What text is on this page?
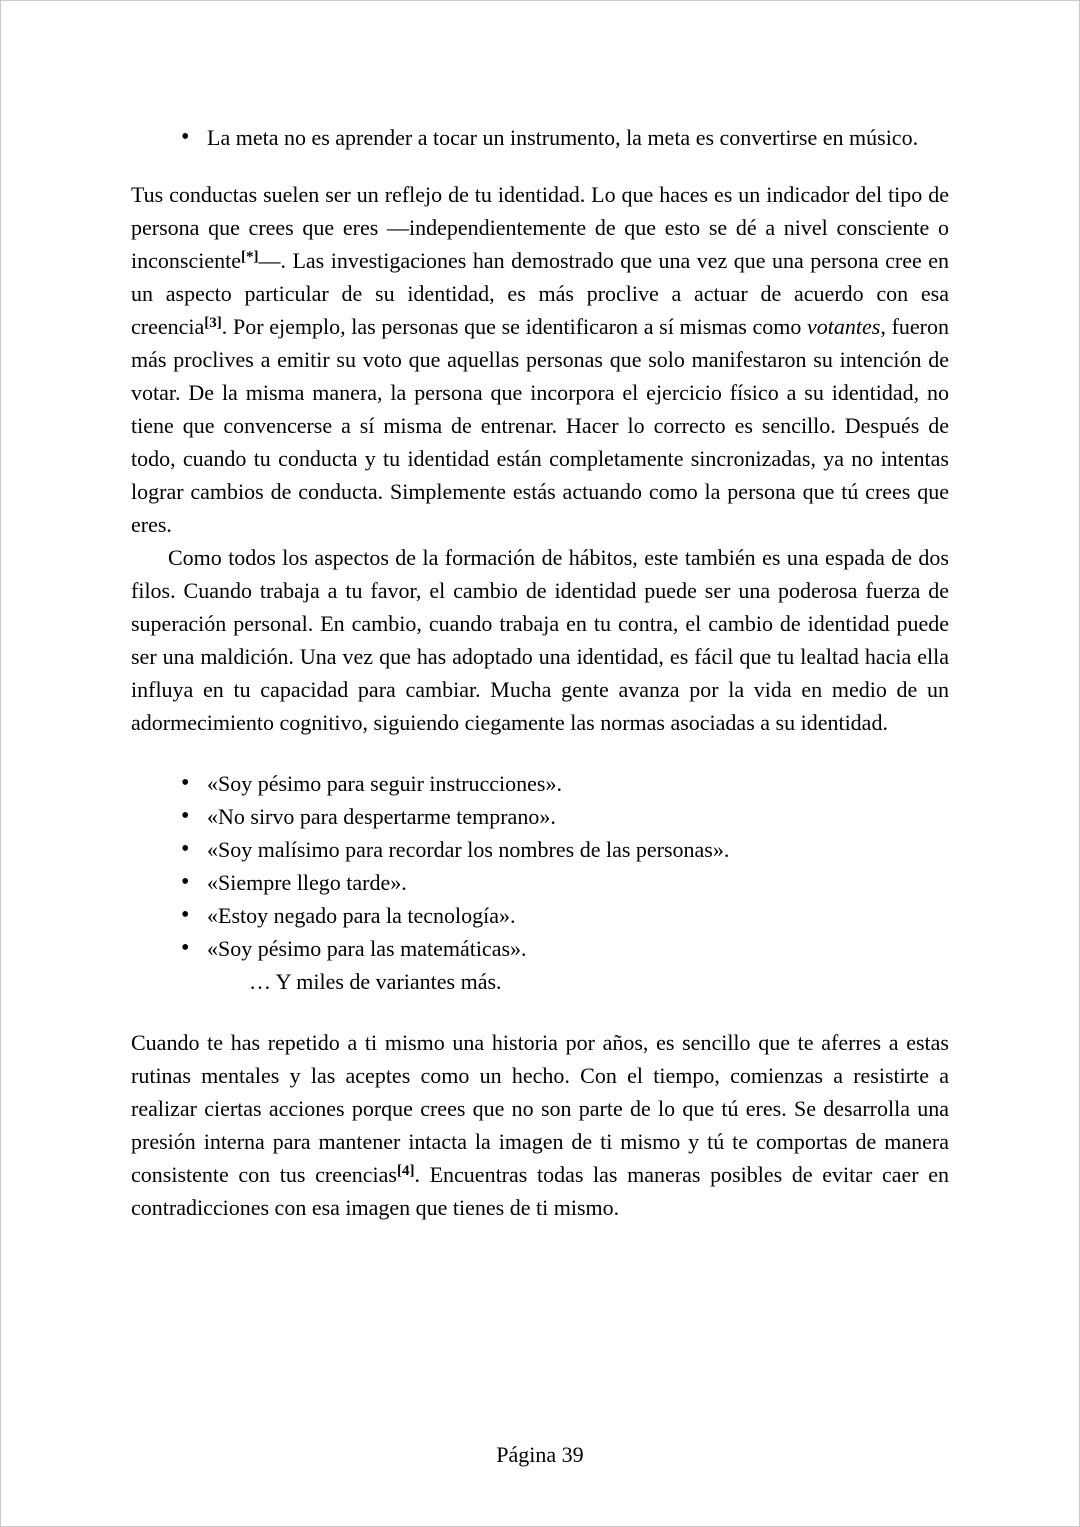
• La meta no es aprender a tocar un instrumento, la meta es convertirse en músico.

Tus conductas suelen ser un reflejo de tu identidad. Lo que haces es un indicador del tipo de persona que crees que eres —independientemente de que esto se dé a nivel consciente o inconsciente[*]—. Las investigaciones han demostrado que una vez que una persona cree en un aspecto particular de su identidad, es más proclive a actuar de acuerdo con esa creencia[3]. Por ejemplo, las personas que se identificaron a sí mismas como votantes, fueron más proclives a emitir su voto que aquellas personas que solo manifestaron su intención de votar. De la misma manera, la persona que incorpora el ejercicio físico a su identidad, no tiene que convencerse a sí misma de entrenar. Hacer lo correcto es sencillo. Después de todo, cuando tu conducta y tu identidad están completamente sincronizadas, ya no intentas lograr cambios de conducta. Simplemente estás actuando como la persona que tú crees que eres.

Como todos los aspectos de la formación de hábitos, este también es una espada de dos filos. Cuando trabaja a tu favor, el cambio de identidad puede ser una poderosa fuerza de superación personal. En cambio, cuando trabaja en tu contra, el cambio de identidad puede ser una maldición. Una vez que has adoptado una identidad, es fácil que tu lealtad hacia ella influya en tu capacidad para cambiar. Mucha gente avanza por la vida en medio de un adormecimiento cognitivo, siguiendo ciegamente las normas asociadas a su identidad.

• «Soy pésimo para seguir instrucciones».
• «No sirvo para despertarme temprano».
• «Soy malísimo para recordar los nombres de las personas».
• «Siempre llego tarde».
• «Estoy negado para la tecnología».
• «Soy pésimo para las matemáticas».

… Y miles de variantes más.

Cuando te has repetido a ti mismo una historia por años, es sencillo que te aferres a estas rutinas mentales y las aceptes como un hecho. Con el tiempo, comienzas a resistirte a realizar ciertas acciones porque crees que no son parte de lo que tú eres. Se desarrolla una presión interna para mantener intacta la imagen de ti mismo y tú te comportas de manera consistente con tus creencias[4]. Encuentras todas las maneras posibles de evitar caer en contradicciones con esa imagen que tienes de ti mismo.

Página 39
